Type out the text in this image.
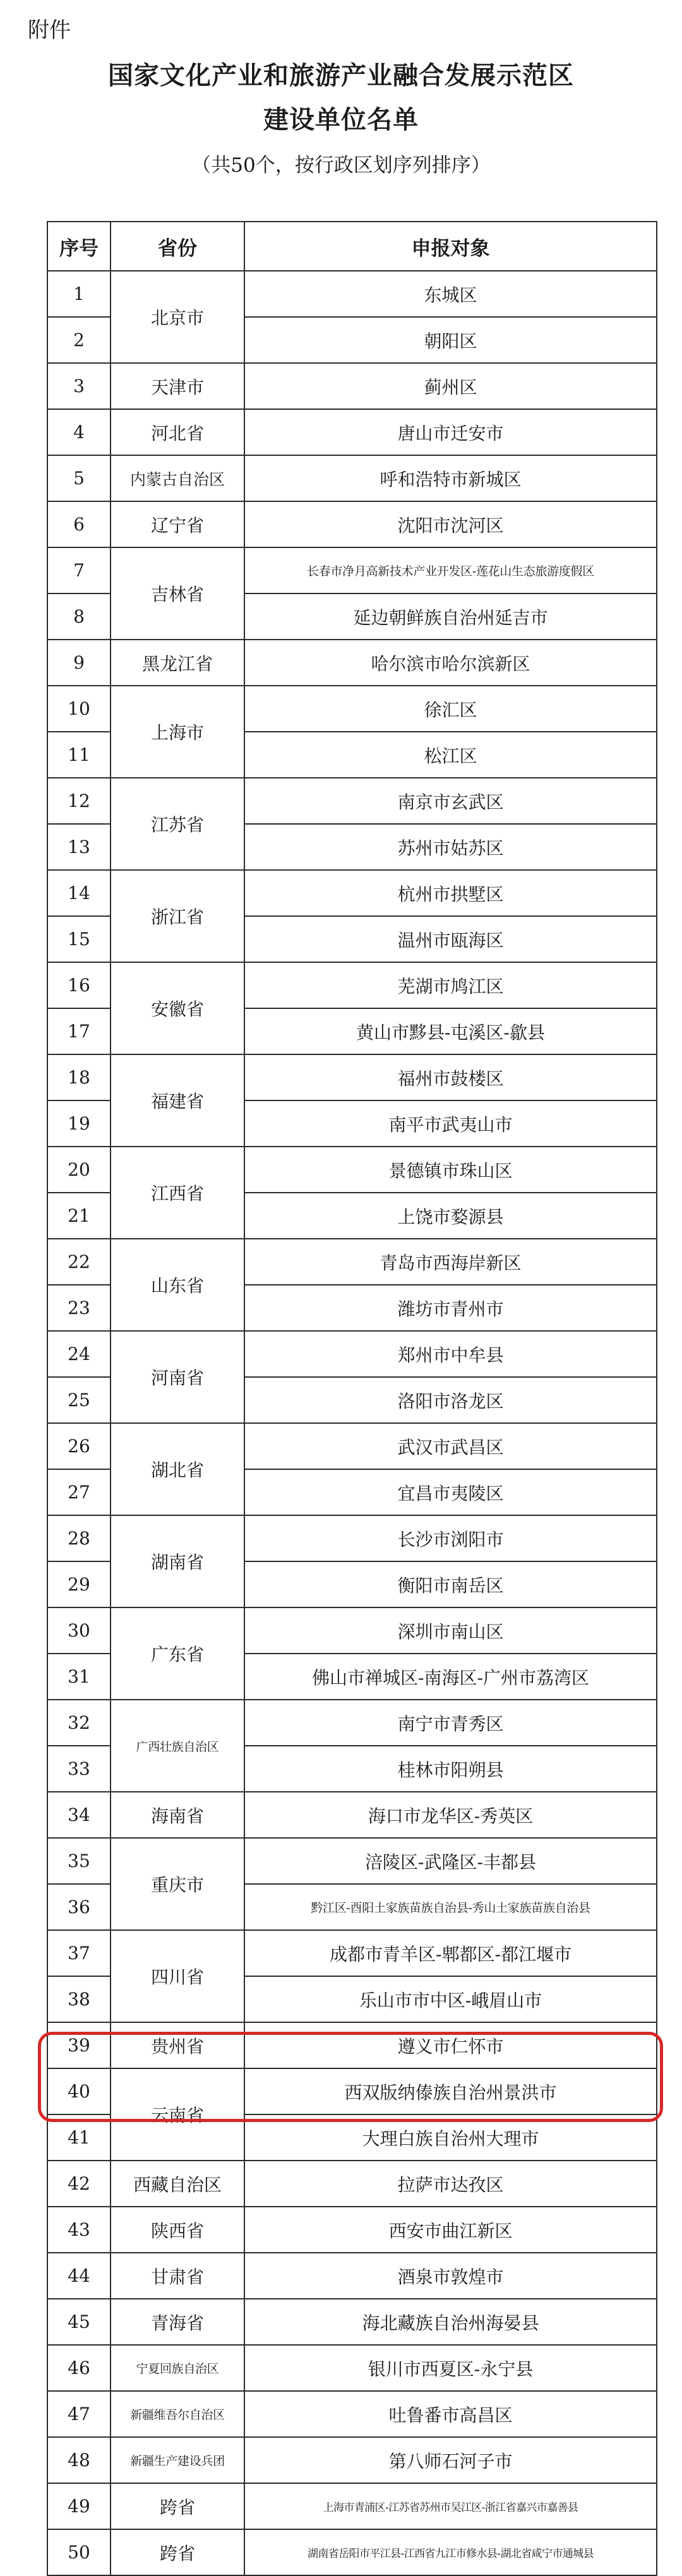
附件
国家文化产业和旅游产业融合发展示范区
建设单位名单
（共50个，按行政区划序列排序）
序号	省份	申报对象
1	北京市	东城区
2		朝阳区
3	天津市	蓟州区
4	河北省	唐山市迁安市
5	内蒙古自治区	呼和浩特市新城区
6	辽宁省	沈阳市沈河区
7	吉林省	长春市净月高新技术产业开发区-莲花山生态旅游度假区
8		延边朝鲜族自治州延吉市
9	黑龙江省	哈尔滨市哈尔滨新区
10	上海市	徐汇区
11		松江区
12	江苏省	南京市玄武区
13		苏州市姑苏区
14	浙江省	杭州市拱墅区
15		温州市瓯海区
16	安徽省	芜湖市鸠江区
17		黄山市黟县-屯溪区-歙县
18	福建省	福州市鼓楼区
19		南平市武夷山市
20	江西省	景德镇市珠山区
21		上饶市婺源县
22	山东省	青岛市西海岸新区
23		潍坊市青州市
24	河南省	郑州市中牟县
25		洛阳市洛龙区
26	湖北省	武汉市武昌区
27		宜昌市夷陵区
28	湖南省	长沙市浏阳市
29		衡阳市南岳区
30	广东省	深圳市南山区
31		佛山市禅城区-南海区-广州市荔湾区
32	广西壮族自治区	南宁市青秀区
33		桂林市阳朔县
34	海南省	海口市龙华区-秀英区
35	重庆市	涪陵区-武隆区-丰都县
36		黔江区-酉阳土家族苗族自治县-秀山土家族苗族自治县
37	四川省	成都市青羊区-郫都区-都江堰市
38		乐山市市中区-峨眉山市
39	贵州省	遵义市仁怀市
40	云南省	西双版纳傣族自治州景洪市
41		大理白族自治州大理市
42	西藏自治区	拉萨市达孜区
43	陕西省	西安市曲江新区
44	甘肃省	酒泉市敦煌市
45	青海省	海北藏族自治州海晏县
46	宁夏回族自治区	银川市西夏区-永宁县
47	新疆维吾尔自治区	吐鲁番市高昌区
48	新疆生产建设兵团	第八师石河子市
49	跨省	上海市青浦区-江苏省苏州市吴江区-浙江省嘉兴市嘉善县
50	跨省	湖南省岳阳市平江县-江西省九江市修水县-湖北省咸宁市通城县
